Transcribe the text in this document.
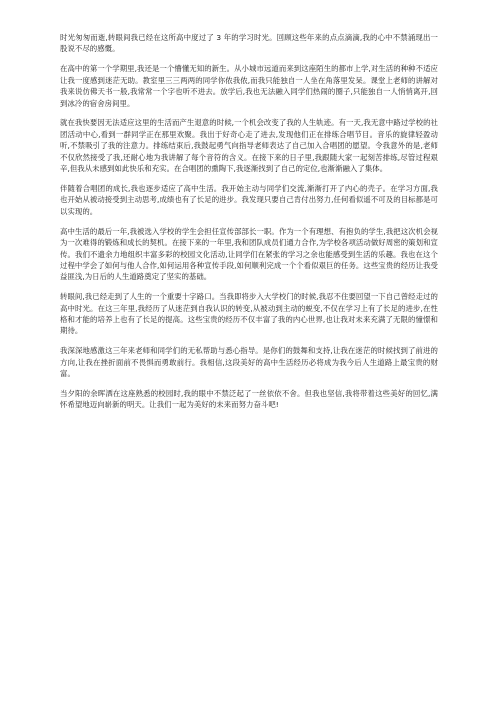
时光匆匆而逝,转眼间我已经在这所高中度过了 3 年的学习时光。回顾这些年来的点点滴滴,我的心中不禁涌现出一股说不尽的感慨。

在高中的第一个学期里,我还是一个懵懂无知的新生。从小城市远道而来到这座陌生的都市上学,对生活的种种不适应让我一度感到迷茫无助。教室里三三两两的同学你侬我侬,而我只能独自一人坐在角落里发呆。课堂上老师的讲解对我来说仿佛天书一般,我常常一个字也听不进去。放学后,我也无法融入同学们热闹的圈子,只能独自一人悄悄离开,回到冰冷的宿舍房间里。

就在我快要因无法适应这里的生活而产生退意的时候,一个机会改变了我的人生轨迹。有一天,我无意中路过学校的社团活动中心,看到一群同学正在那里欢聚。我出于好奇心走了进去,发现他们正在排练合唱节目。音乐的旋律轻盈动听,不禁吸引了我的注意力。排练结束后,我鼓起勇气向指导老师表达了自己加入合唱团的愿望。令我意外的是,老师不仅欣然接受了我,还耐心地为我讲解了每个音符的含义。在接下来的日子里,我跟随大家一起刻苦排练,尽管过程艰辛,但我从未感到如此快乐和充实。在合唱团的熏陶下,我逐渐找到了自己的定位,也渐渐融入了集体。

伴随着合唱团的成长,我也逐步适应了高中生活。我开始主动与同学们交流,渐渐打开了内心的壳子。在学习方面,我也开始从被动接受到主动思考,成绩也有了长足的进步。我发现只要自己肯付出努力,任何看似遥不可及的目标都是可以实现的。

高中生活的最后一年,我被选入学校的学生会担任宣传部部长一职。作为一个有理想、有抱负的学生,我把这次机会视为一次难得的锻炼和成长的契机。在接下来的一年里,我和团队成员们通力合作,为学校各项活动做好周密的策划和宣传。我们不遗余力地组织丰富多彩的校园文化活动,让同学们在紧张的学习之余也能感受到生活的乐趣。我也在这个过程中学会了如何与他人合作,如何运用各种宣传手段,如何顺利完成一个个看似艰巨的任务。这些宝贵的经历让我受益匪浅,为日后的人生道路奠定了坚实的基础。

转眼间,我已经走到了人生的一个重要十字路口。当我即将步入大学校门的时候,我忍不住要回望一下自己曾经走过的高中时光。在这三年里,我经历了从迷茫到自我认识的转变,从被动到主动的蜕变,不仅在学习上有了长足的进步,在性格和才能的培养上也有了长足的提高。这些宝贵的经历不仅丰富了我的内心世界,也让我对未来充满了无限的憧憬和期待。

我深深地感激这三年来老师和同学们的无私帮助与悉心指导。是你们的鼓舞和支持,让我在迷茫的时候找到了前进的方向,让我在挫折面前不畏惧而勇敢前行。我相信,这段美好的高中生活经历必将成为我今后人生道路上最宝贵的财富。

当夕阳的余晖洒在这座熟悉的校园时,我的眼中不禁泛起了一丝依依不舍。但我也坚信,我将带着这些美好的回忆,满怀希望地迈向崭新的明天。让我们一起为美好的未来而努力奋斗吧!
